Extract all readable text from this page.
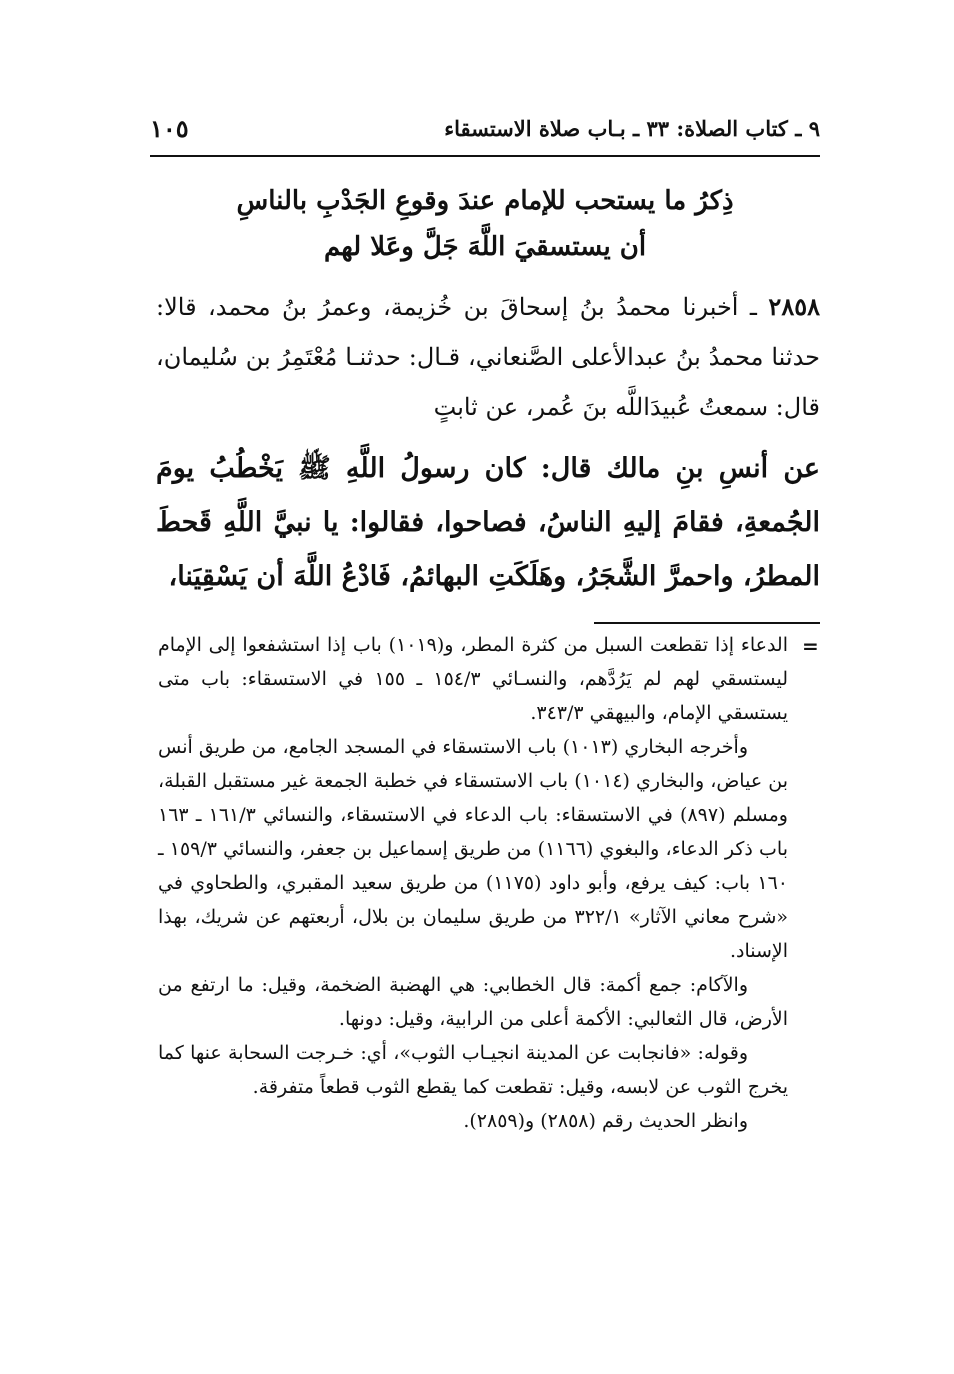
٩ ـ كتاب الصلاة: ٣٣ ـ بـاب صلاة الاستسقاء
١٠٥
ذِكرُ ما يستحب للإمام عندَ وقوعِ الجَدْبِ بالناسِ
أن يستسقيَ اللَّهَ جَلَّ وعَلا لهم
٢٨٥٨ ـ أخبرنا محمدُ بنُ إسحاقَ بن خُزيمة، وعمرُ بنُ محمد، قالا: حدثنا محمدُ بنُ عبدالأعلى الصَّنعاني، قـال: حدثنـا مُعْتَمِرُ بن سُليمان، قال: سمعتُ عُبيدَاللَّه بنَ عُمر، عن ثابتٍ
عن أنسِ بنِ مالك قال: كان رسولُ اللَّهِ ﷺ يَخْطُبُ يومَ الجُمعةِ، فقامَ إليهِ الناسُ، فصاحوا، فقالوا: يا نبيَّ اللَّهِ قَحطَ المطرُ، واحمرَّ الشَّجَرُ، وهَلَكَتِ البهائمُ، فَادْعُ اللَّهَ أن يَسْقِيَنا،
=

الدعاء إذا تقطعت السبل من كثرة المطر، و(١٠١٩) باب إذا استشفعوا إلى الإمام ليستسقي لهم لم يَرُدَّهم، والنسـائي ١٥٤/٣ ـ ١٥٥ في الاستسقاء: باب متى يستسقي الإمام، والبيهقي ٣٤٣/٣.

وأخرجه البخاري (١٠١٣) باب الاستسقاء في المسجد الجامع، من طريق أنس بن عياض، والبخاري (١٠١٤) باب الاستسقاء في خطبة الجمعة غير مستقبل القبلة، ومسلم (٨٩٧) في الاستسقاء: باب الدعاء في الاستسقاء، والنسائي ١٦١/٣ ـ ١٦٣ باب ذكر الدعاء، والبغوي (١١٦٦) من طريق إسماعيل بن جعفر، والنسائي ١٥٩/٣ ـ ١٦٠ باب: كيف يرفع، وأبو داود (١١٧٥) من طريق سعيد المقبري، والطحاوي في «شرح معاني الآثار» ٣٢٢/١ من طريق سليمان بن بلال، أربعتهم عن شريك، بهذا الإسناد.

والآكام: جمع أكمة: قال الخطابي: هي الهضبة الضخمة، وقيل: ما ارتفع من الأرض، قال الثعالبي: الأكمة أعلى من الرابية، وقيل: دونها.

وقوله: «فانجابت عن المدينة انجيـاب الثوب»، أي: خـرجت السحابة عنها كما يخرج الثوب عن لابسه، وقيل: تقطعت كما يقطع الثوب قطعاً متفرقة.

وانظر الحديث رقم (٢٨٥٨) و(٢٨٥٩).
